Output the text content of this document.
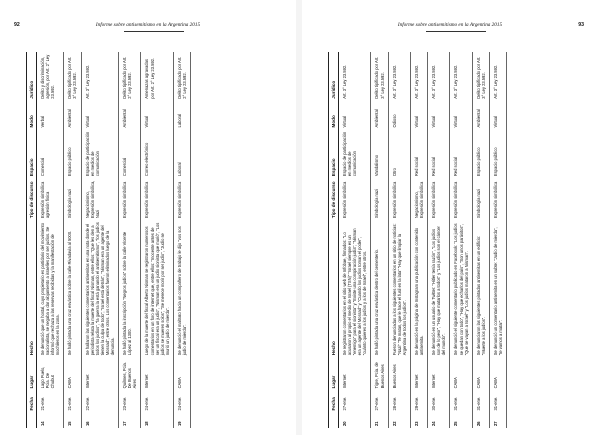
92	Informe sobre antisemitismo en la Argentina 2015
	Fecha	Lugar	Hecho	Tipo de discurso	Espacio	Modo	Jurídico
14	21-ene.	Lago Puelo, Pcia. De Chubut	Se denunció que un hostal, cuyo propietario es partidario del movimiento nacionalista, se negaba a dar alojamiento a israelíes por ser judíos. Se informó que rechaza a las reservas recibidas y la manifestación de mochileros en la zona.	Expresión simbólica agresión física	Comercial	Verbal	Delito y discriminación, agresión, por Art. 2° Ley 23.592.
15	21-ene.	CABA	Se halló pintada una cruz esvástica sobre la calle Rivadavia al 5000.	Simbología nazi	Espacio público	Ambiental	Delito tipificado por Art. 3° Ley 23.592.
16	22-ene.	Internet	Se hallaron las siguientes comentarios antisemitas en una nota donde el periodista relata la muerte del fiscal Nisman, entre ellos: "Que les den a todos los judíos", "la guerra la está ganando el antisemitismo", "los judíos tienen la culpa de todo", "Israel está detrás", "Nisman era un agente del Mossad", entre otros. Los comentarios fueron eliminados luego de la denuncia.	Negacionismo, Expresión simbólica, Nazi	Espacio de participación en medios de comunicación	Virtual	Art. 3° Ley 23.592.
17	23-ene.	Quilmes, Pcia. De Buenos Aires	Se halló pintada la inscripción "Negros judíos" sobre la calle Vicente López al 1300.	Expresión simbólica	Comercial	Ambiental	Delito tipificado por Art. 2° Ley 23.592.
18	24-ene.	Internet	Luego de la muerte del fiscal Alberto Nisman se registraron numerosos comentarios en un foro de internet que, entre ellos: "Inocente antes de ser un fiscal era un judío", "Nisman era un judío sionista que murió", "Los judíos se mueren solos", "Se merece morir por ser judío", "Judío se murió un judío de mierda".	Expresión simbólica	Correo electrónico	Virtual	Amenazas agravadas por Art. 2° Ley 23.592.
19	24-ene.	CABA	Se denunció el maltrato hacia un compañero de trabajo le dijo "vos sos judío de mierda".	Expresión simbólica	Laboral	Laboral	Delito tipificado por Art. 2° Ley 23.592.
Informe sobre antisemitismo en la Argentina 2015	93
	Fecha	Lugar	Hecho	Tipo de discurso	Espacio	Modo	Jurídico
20	27-ene.	Internet	Se registraron comentarios en el sitio web de Infobae, firmados: "Lo acusaron al propio el medio de Israel (TSN)" "Israel siempre es un "enemigo" para el sionista" y "Existe una conspiración judía"; "Nisman era un agente del Mossad" y "Cuando los judíos toman el poder", "cuánto quieres a los judíos y a los de Israel", entre otros.	Expresión simbólica	Espacio de participación en medios de comunicación	Virtual	Art. 3° Ley 23.592.
21	27-ene.	Tigre, Pcia. de Buenos Aires	Se halló pintada una cruz esvástica dentro del cementerio.	Simbología nazi	Vandalismo	Ambiental	Delito tipificado por Art. 3° Ley 23.592.
22	28-ene.	Buenos Aires	Fueron denunciadas a los siguientes comentarios en un sitio de noticias: "Nazi" "Te matan, que le hace el fusil en la lata" "Hay que limpiar la Argentina de todos los judíos".	Expresión simbólica	Otro	Odioso	Art. 3° Ley 23.592.
23	29-ene.	Internet	Se denunció en la página de Instagram una publicación con contenido antisemita.	Negacionismo, Expresión simbólica	Red social	Virtual	Art. 3° Ley 23.592.
24	30-ene.	Internet	Se denunció en un usuario de Twitter: "Hitler tenía razón", "Los judíos son de lo peor", "Hay que matarlos a todos" y "Los judíos son el cáncer del mundo".	Expresión simbólica	Red social	Virtual	Art. 3° Ley 23.592.
25	31-ene.	CABA	Se denunció el siguiente comentario publicado en Facebook: "Los judíos se quedan con todo", "Hay que echarlos del país", "Son unos parásitos", "Que se vayan a Israel" y "Los judíos mataron a Nisman".	Expresión simbólica	Red social	Virtual	Art. 3° Ley 23.592.
26	31-ene.	CABA	Se denunciaron las siguientes pintadas antisemitas en un edificio: "Muerte a los judíos".	Simbología nazi	Espacio público	Ambiental	Delito tipificado por Art. 3° Ley 23.592.
27	31-ene.	CABA	Se denunció un comentario antisemita en un subte: "Judío de mierda", "te vamos a matar".	Expresión simbólica	Espacio público	Virtual	Art. 3° Ley 23.592.
